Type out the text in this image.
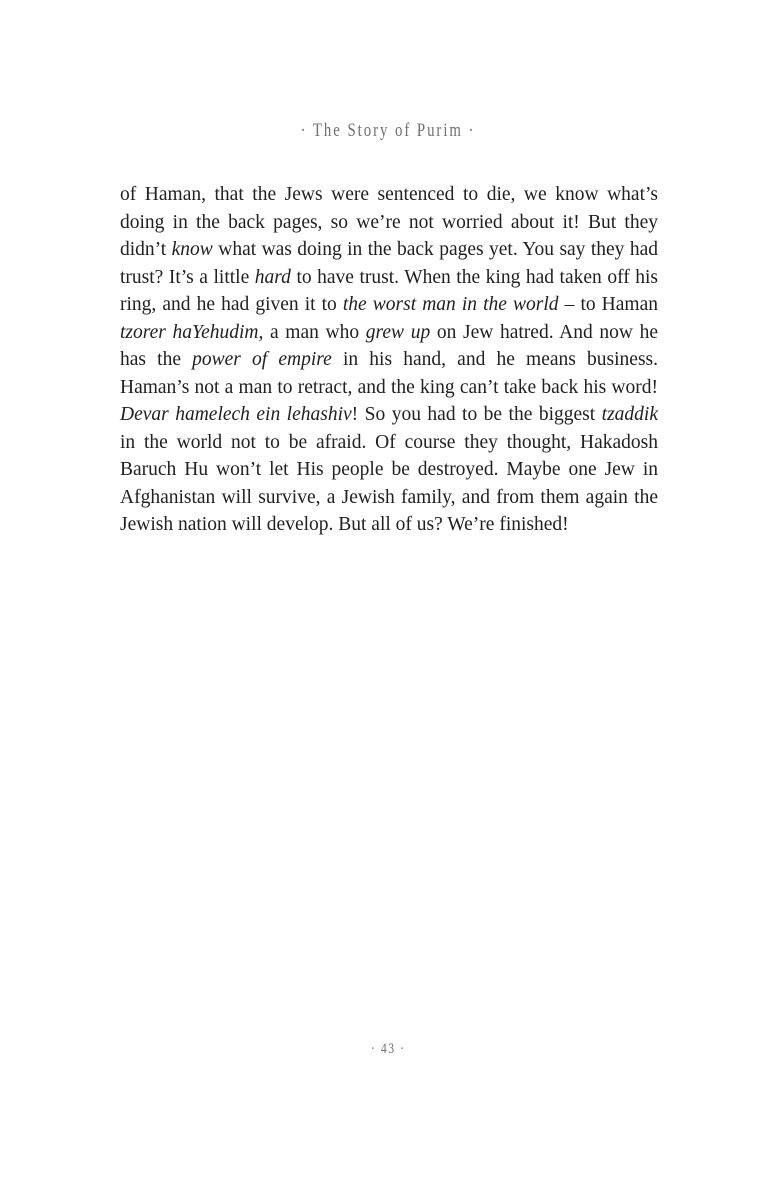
· The Story of Purim ·
of Haman, that the Jews were sentenced to die, we know what’s doing in the back pages, so we’re not worried about it! But they didn’t know what was doing in the back pages yet. You say they had trust? It’s a little hard to have trust. When the king had taken off his ring, and he had given it to the worst man in the world – to Haman tzorer haYehudim, a man who grew up on Jew hatred. And now he has the power of empire in his hand, and he means business. Haman’s not a man to retract, and the king can’t take back his word! Devar hamelech ein lehashiv! So you had to be the biggest tzaddik in the world not to be afraid. Of course they thought, Hakadosh Baruch Hu won’t let His people be destroyed. Maybe one Jew in Afghanistan will survive, a Jewish family, and from them again the Jewish nation will develop. But all of us? We’re finished!
· 43 ·
